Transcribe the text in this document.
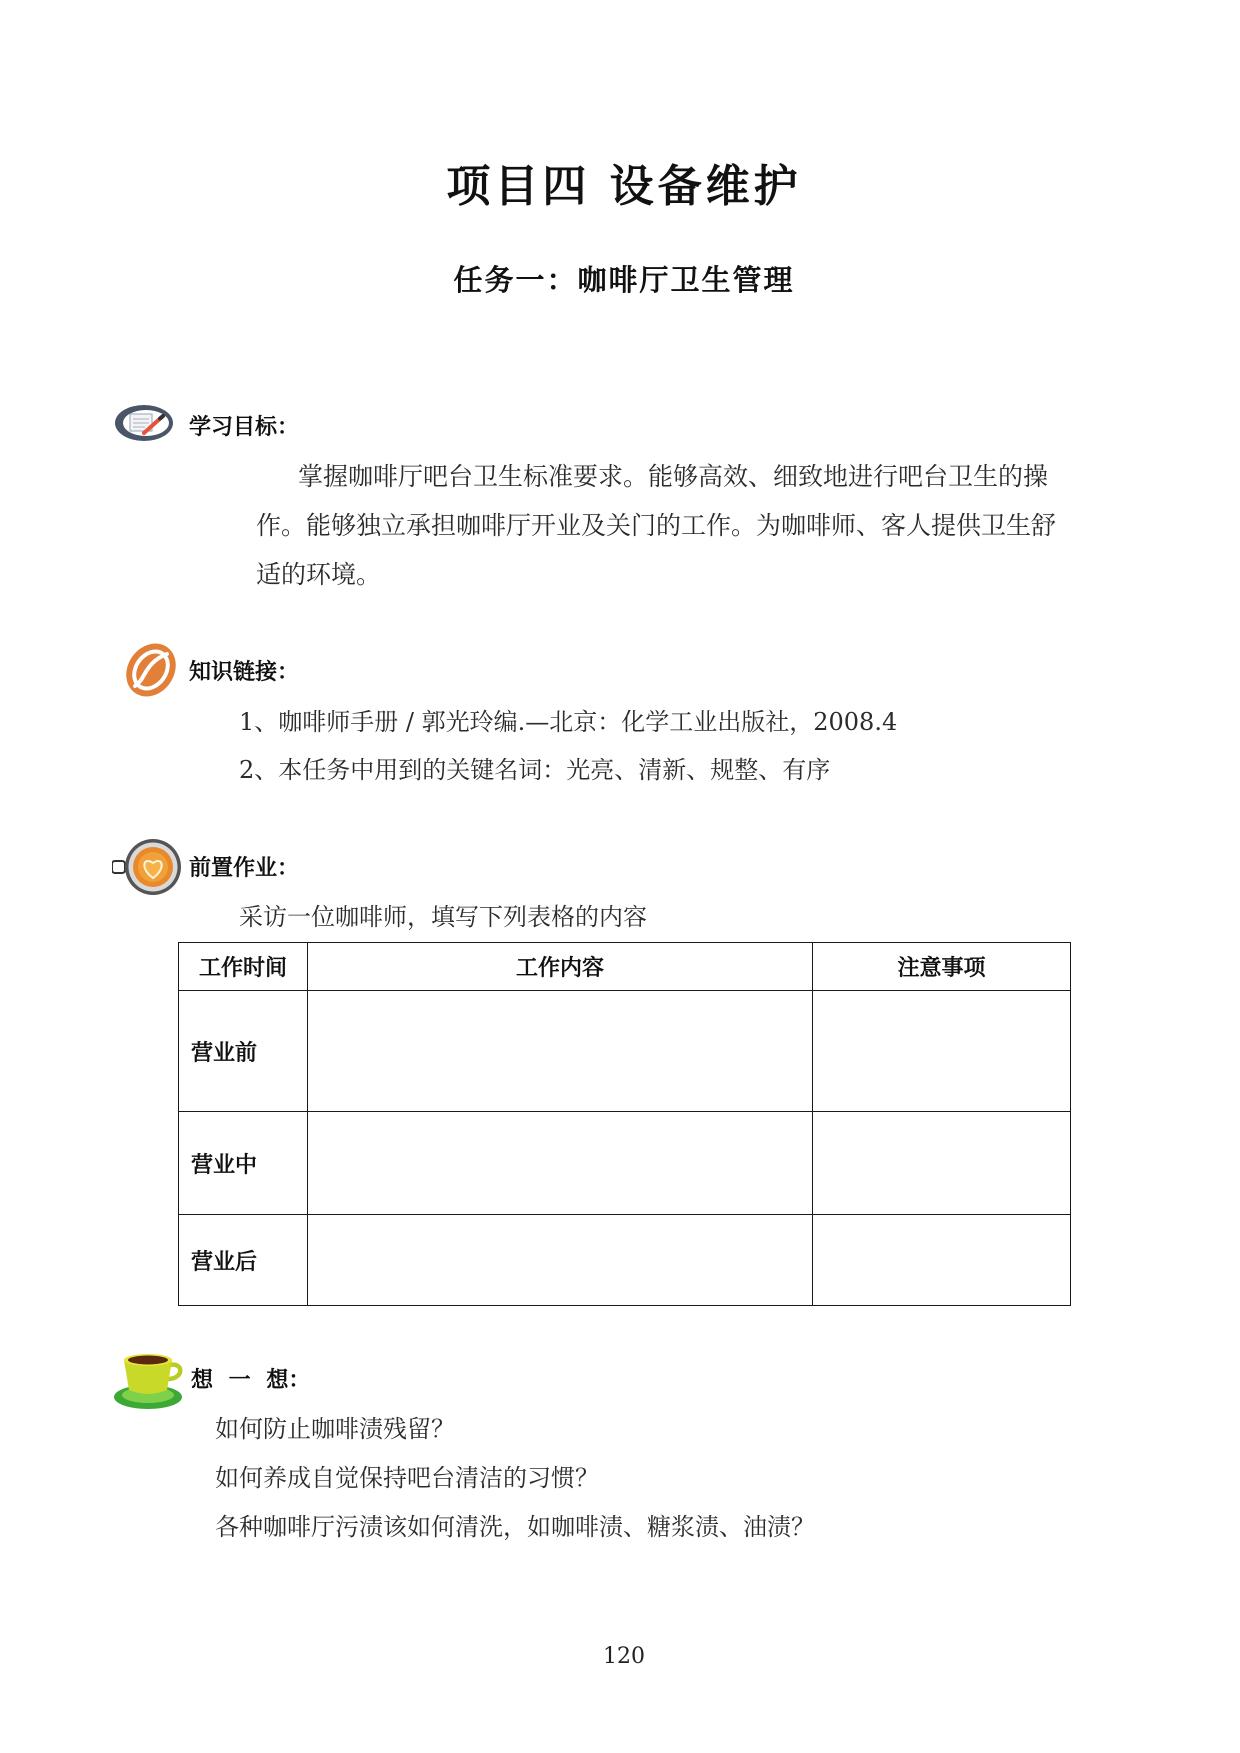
项目四 设备维护
任务一：咖啡厅卫生管理
学习目标：

掌握咖啡厅吧台卫生标准要求。能够高效、细致地进行吧台卫生的操作。能够独立承担咖啡厅开业及关门的工作。为咖啡师、客人提供卫生舒适的环境。

知识链接：
1、咖啡师手册 / 郭光玲编.—北京：化学工业出版社，2008.4
2、本任务中用到的关键名词：光亮、清新、规整、有序
前置作业：
采访一位咖啡师，填写下列表格的内容
工作时间	工作内容	注意事项
营业前		
营业中		
营业后		
想 一 想：
如何防止咖啡渍残留？
如何养成自觉保持吧台清洁的习惯？
各种咖啡厅污渍该如何清洗，如咖啡渍、糖浆渍、油渍？
120
